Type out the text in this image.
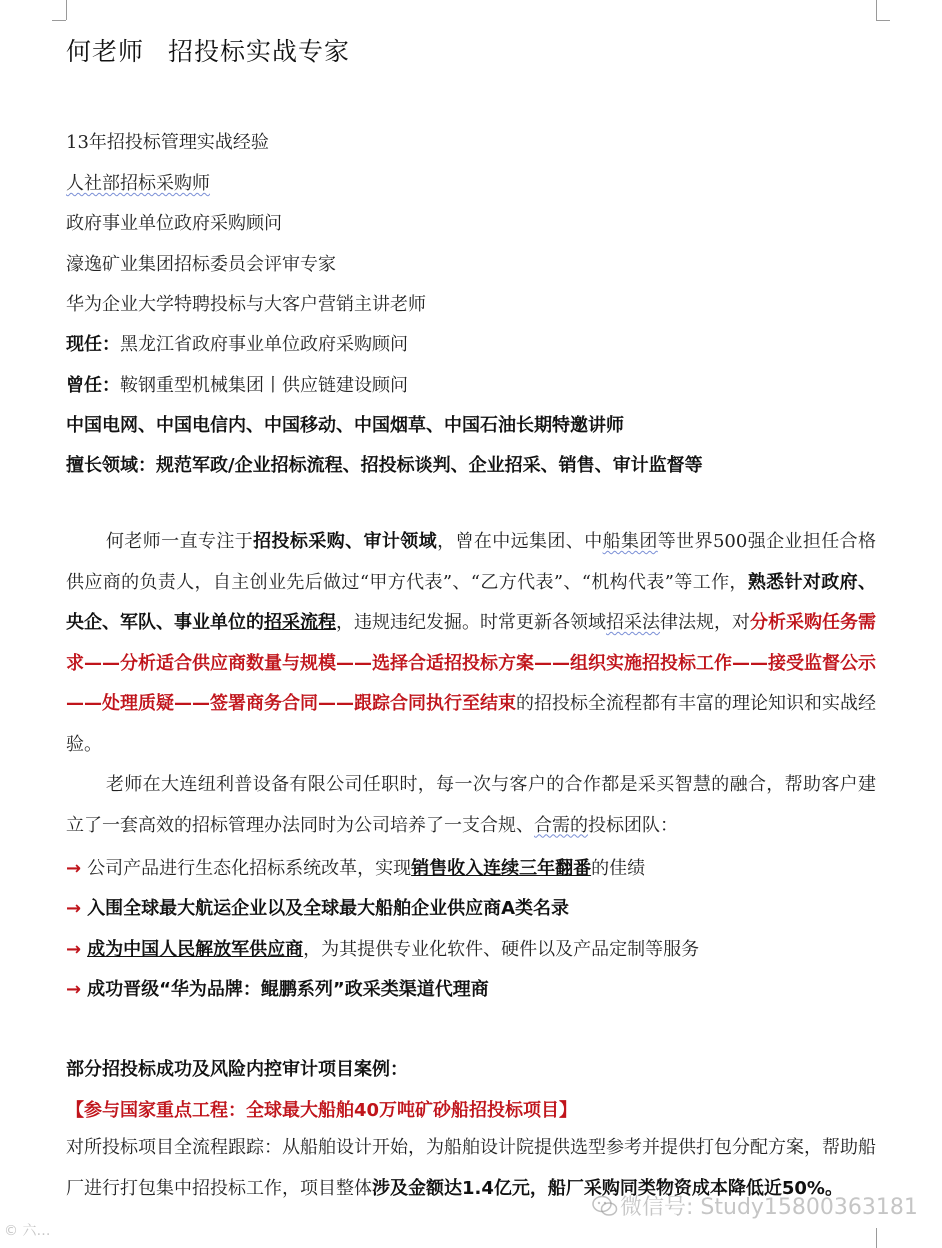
何老师 招投标实战专家
13年招投标管理实战经验
人社部招标采购师
政府事业单位政府采购顾问
濠逸矿业集团招标委员会评审专家
华为企业大学特聘投标与大客户营销主讲老师
现任：黑龙江省政府事业单位政府采购顾问
曾任：鞍钢重型机械集团丨供应链建设顾问
中国电网、中国电信内、中国移动、中国烟草、中国石油长期特邀讲师
擅长领域：规范军政/企业招标流程、招投标谈判、企业招采、销售、审计监督等
何老师一直专注于招投标采购、审计领域，曾在中远集团、中船集团等世界500强企业担任合格供应商的负责人，自主创业先后做过“甲方代表”、“乙方代表”、“机构代表”等工作，熟悉针对政府、央企、军队、事业单位的招采流程，违规违纪发掘。时常更新各领域招采法律法规，对分析采购任务需求——分析适合供应商数量与规模——选择合适招投标方案——组织实施招投标工作——接受监督公示——处理质疑——签署商务合同——跟踪合同执行至结束的招投标全流程都有丰富的理论知识和实战经验。
老师在大连纽利普设备有限公司任职时，每一次与客户的合作都是采买智慧的融合，帮助客户建立了一套高效的招标管理办法同时为公司培养了一支合规、合需的投标团队：
→ 公司产品进行生态化招标系统改革，实现销售收入连续三年翻番的佳绩
→ 入围全球最大航运企业以及全球最大船舶企业供应商A类名录
→ 成为中国人民解放军供应商，为其提供专业化软件、硬件以及产品定制等服务
→ 成功晋级“华为品牌：鲲鹏系列”政采类渠道代理商
部分招投标成功及风险内控审计项目案例：
【参与国家重点工程：全球最大船舶40万吨矿砂船招投标项目】
对所投标项目全流程跟踪：从船舶设计开始，为船舶设计院提供选型参考并提供打包分配方案，帮助船厂进行打包集中招投标工作，项目整体涉及金额达1.4亿元，船厂采购同类物资成本降低近50%。
微信号: Study15800363181
© 六…
